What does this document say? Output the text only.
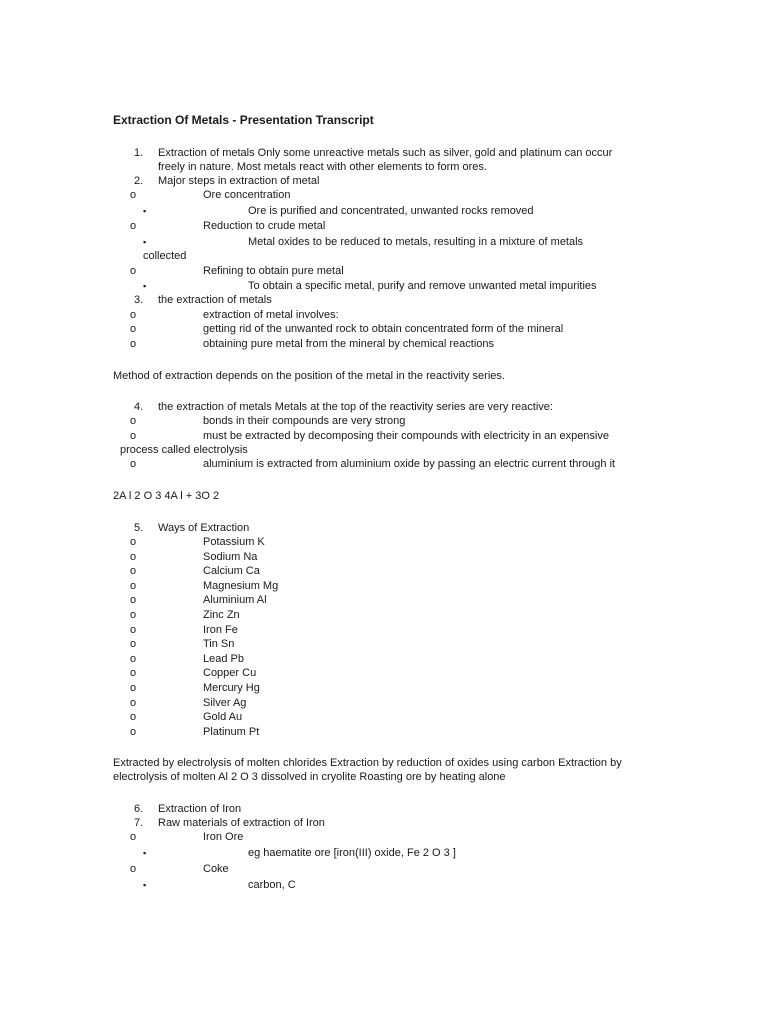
Extraction Of Metals - Presentation Transcript
1. Extraction of metals Only some unreactive metals such as silver, gold and platinum can occur
freely in nature. Most metals react with other elements to form ores.
2. Major steps in extraction of metal
o	Ore concentration
▪	Ore is purified and concentrated, unwanted rocks removed
o	Reduction to crude metal
▪	Metal oxides to be reduced to metals, resulting in a mixture of metals
collected
o	Refining to obtain pure metal
▪	To obtain a specific metal, purify and remove unwanted metal impurities
3. the extraction of metals
o	extraction of metal involves:
o	getting rid of the unwanted rock to obtain concentrated form of the mineral
o	obtaining pure metal from the mineral by chemical reactions
Method of extraction depends on the position of the metal in the reactivity series.
4. the extraction of metals Metals at the top of the reactivity series are very reactive:
o	bonds in their compounds are very strong
o	must be extracted by decomposing their compounds with electricity in an expensive
process called electrolysis
o	aluminium is extracted from aluminium oxide by passing an electric current through it
2A l 2 O 3 4A l + 3O 2
5. Ways of Extraction
o	Potassium K
o	Sodium Na
o	Calcium Ca
o	Magnesium Mg
o	Aluminium Al
o	Zinc Zn
o	Iron Fe
o	Tin Sn
o	Lead Pb
o	Copper Cu
o	Mercury Hg
o	Silver Ag
o	Gold Au
o	Platinum Pt
Extracted by electrolysis of molten chlorides Extraction by reduction of oxides using carbon Extraction by
electrolysis of molten Al 2 O 3 dissolved in cryolite Roasting ore by heating alone
6. Extraction of Iron
7. Raw materials of extraction of Iron
o	Iron Ore
▪	eg haematite ore [iron(III) oxide, Fe 2 O 3 ]
o	Coke
▪	carbon, C
